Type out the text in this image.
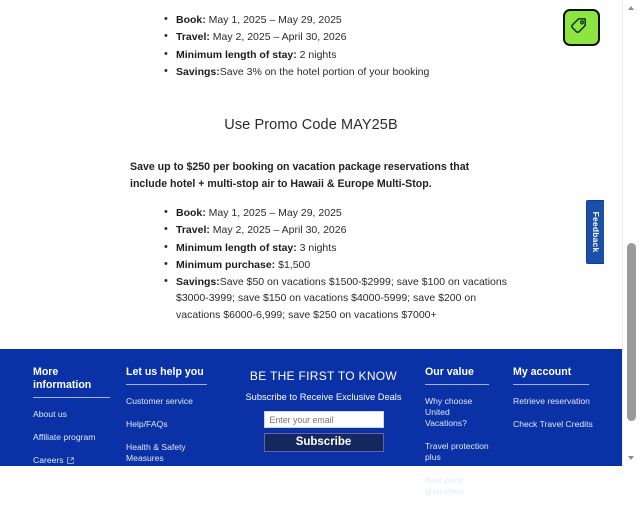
• Book: May 1, 2025 – May 29, 2025
• Travel: May 2, 2025 – April 30, 2026
• Minimum length of stay: 2 nights
• Savings:Save 3% on the hotel portion of your booking
Use Promo Code MAY25B
Save up to $250 per booking on vacation package reservations that include hotel + multi-stop air to Hawaii & Europe Multi-Stop.
• Book: May 1, 2025 – May 29, 2025
• Travel: May 2, 2025 – April 30, 2026
• Minimum length of stay: 3 nights
• Minimum purchase: $1,500
• Savings:Save $50 on vacations $1500-$2999; save $100 on vacations $3000-3999; save $150 on vacations $4000-5999; save $200 on vacations $6000-6,999; save $250 on vacations $7000+
More information
About us
Affiliate program
Careers
Let us help you
Customer service
Help/FAQs
Health & Safety Measures
BE THE FIRST TO KNOW
Subscribe to Receive Exclusive Deals
Enter your email
Subscribe
Our value
Why choose United Vacations?
Travel protection plus
Best price guarantee
My account
Retrieve reservation
Check Travel Credits
Feedback
